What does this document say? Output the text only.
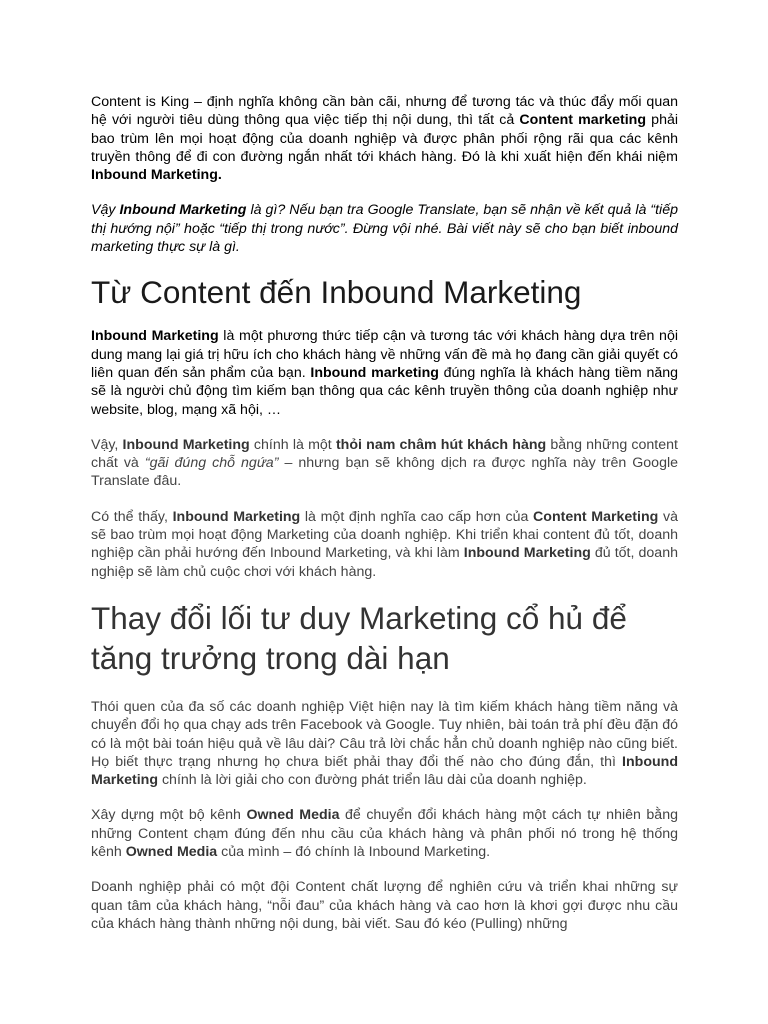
Content is King – định nghĩa không cần bàn cãi, nhưng để tương tác và thúc đẩy mối quan hệ với người tiêu dùng thông qua việc tiếp thị nội dung, thì tất cả Content marketing phải bao trùm lên mọi hoạt động của doanh nghiệp và được phân phối rộng rãi qua các kênh truyền thông để đi con đường ngắn nhất tới khách hàng. Đó là khi xuất hiện đến khái niệm Inbound Marketing.

Vậy Inbound Marketing là gì? Nếu bạn tra Google Translate, bạn sẽ nhận về kết quả là “tiếp thị hướng nội” hoặc “tiếp thị trong nước”. Đừng vội nhé. Bài viết này sẽ cho bạn biết inbound marketing thực sự là gì.

Từ Content đến Inbound Marketing

Inbound Marketing là một phương thức tiếp cận và tương tác với khách hàng dựa trên nội dung mang lại giá trị hữu ích cho khách hàng về những vấn đề mà họ đang cần giải quyết có liên quan đến sản phẩm của bạn. Inbound marketing đúng nghĩa là khách hàng tiềm năng sẽ là người chủ động tìm kiếm bạn thông qua các kênh truyền thông của doanh nghiệp như website, blog, mạng xã hội, …

Vậy, Inbound Marketing chính là một thỏi nam châm hút khách hàng bằng những content chất và “gãi đúng chỗ ngứa” – nhưng bạn sẽ không dịch ra được nghĩa này trên Google Translate đâu.

Có thể thấy, Inbound Marketing là một định nghĩa cao cấp hơn của Content Marketing và sẽ bao trùm mọi hoạt động Marketing của doanh nghiệp. Khi triển khai content đủ tốt, doanh nghiệp cần phải hướng đến Inbound Marketing, và khi làm Inbound Marketing đủ tốt, doanh nghiệp sẽ làm chủ cuộc chơi với khách hàng.

Thay đổi lối tư duy Marketing cổ hủ để tăng trưởng trong dài hạn

Thói quen của đa số các doanh nghiệp Việt hiện nay là tìm kiếm khách hàng tiềm năng và chuyển đổi họ qua chạy ads trên Facebook và Google. Tuy nhiên, bài toán trả phí đều đặn đó có là một bài toán hiệu quả về lâu dài? Câu trả lời chắc hẳn chủ doanh nghiệp nào cũng biết. Họ biết thực trạng nhưng họ chưa biết phải thay đổi thế nào cho đúng đắn, thì Inbound Marketing chính là lời giải cho con đường phát triển lâu dài của doanh nghiệp.

Xây dựng một bộ kênh Owned Media để chuyển đổi khách hàng một cách tự nhiên bằng những Content chạm đúng đến nhu cầu của khách hàng và phân phối nó trong hệ thống kênh Owned Media của mình – đó chính là Inbound Marketing.

Doanh nghiệp phải có một đội Content chất lượng để nghiên cứu và triển khai những sự quan tâm của khách hàng, “nỗi đau” của khách hàng và cao hơn là khơi gợi được nhu cầu của khách hàng thành những nội dung, bài viết. Sau đó kéo (Pulling) những
